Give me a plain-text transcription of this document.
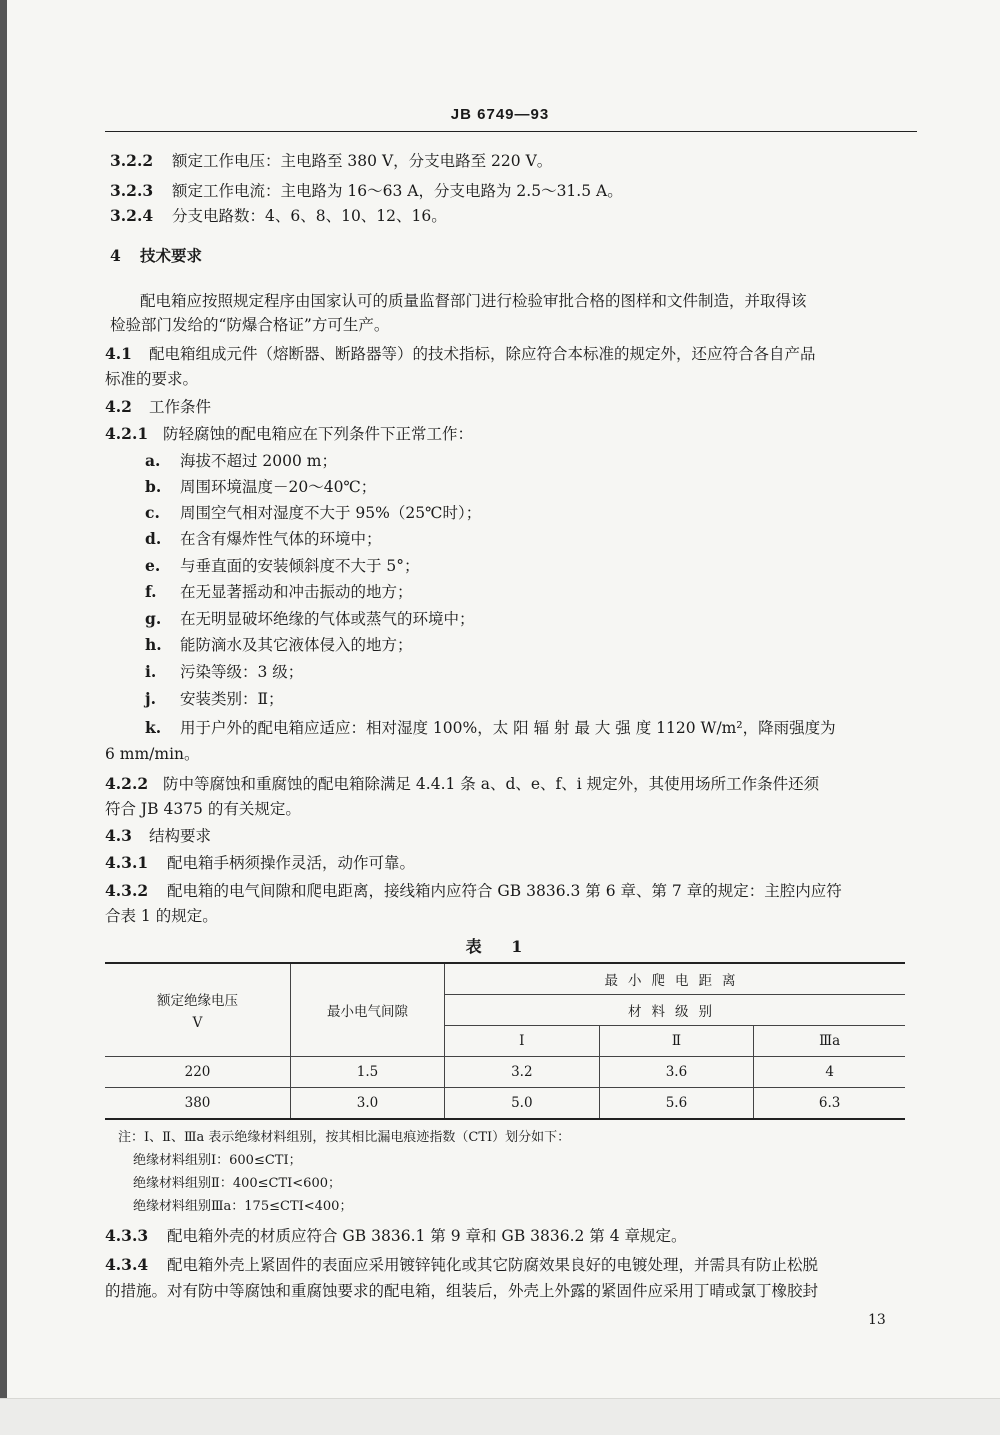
JB 6749—93
3.2.2 额定工作电压：主电路至 380 V，分支电路至 220 V。
3.2.3 额定工作电流：主电路为 16～63 A，分支电路为 2.5～31.5 A。
3.2.4 分支电路数：4、6、8、10、12、16。
4 技术要求
配电箱应按照规定程序由国家认可的质量监督部门进行检验审批合格的图样和文件制造，并取得该
检验部门发给的“防爆合格证”方可生产。
4.1 配电箱组成元件（熔断器、断路器等）的技术指标，除应符合本标准的规定外，还应符合各自产品
标准的要求。
4.2 工作条件
4.2.1 防轻腐蚀的配电箱应在下列条件下正常工作：
a. 海拔不超过 2000 m；
b. 周围环境温度－20～40℃；
c. 周围空气相对湿度不大于 95%（25℃时）；
d. 在含有爆炸性气体的环境中；
e. 与垂直面的安装倾斜度不大于 5°；
f. 在无显著摇动和冲击振动的地方；
g. 在无明显破坏绝缘的气体或蒸气的环境中；
h. 能防滴水及其它液体侵入的地方；
i. 污染等级：3 级；
j. 安装类别：Ⅱ；
k. 用于户外的配电箱应适应：相对湿度 100%，太 阳 辐 射 最 大 强 度 1120 W/m²，降雨强度为
6 mm/min。
4.2.2 防中等腐蚀和重腐蚀的配电箱除满足 4.4.1 条 a、d、e、f、i 规定外，其使用场所工作条件还须
符合 JB 4375 的有关规定。
4.3 结构要求
4.3.1 配电箱手柄须操作灵活，动作可靠。
4.3.2 配电箱的电气间隙和爬电距离，接线箱内应符合 GB 3836.3 第 6 章、第 7 章的规定：主腔内应符
合表 1 的规定。
表 1
额定绝缘电压
V	最小电气间隙	最小爬电距离		
		材料级别		
		Ⅰ	Ⅱ	Ⅲa
220	1.5	3.2	3.6	4
380	3.0	5.0	5.6	6.3
注：Ⅰ、Ⅱ、Ⅲa 表示绝缘材料组别，按其相比漏电痕迹指数（CTI）划分如下：
绝缘材料组别Ⅰ：600≤CTI；
绝缘材料组别Ⅱ：400≤CTI<600；
绝缘材料组别Ⅲa：175≤CTI<400；
4.3.3 配电箱外壳的材质应符合 GB 3836.1 第 9 章和 GB 3836.2 第 4 章规定。
4.3.4 配电箱外壳上紧固件的表面应采用镀锌钝化或其它防腐效果良好的电镀处理，并需具有防止松脱
的措施。对有防中等腐蚀和重腐蚀要求的配电箱，组装后，外壳上外露的紧固件应采用丁晴或氯丁橡胶封
13
